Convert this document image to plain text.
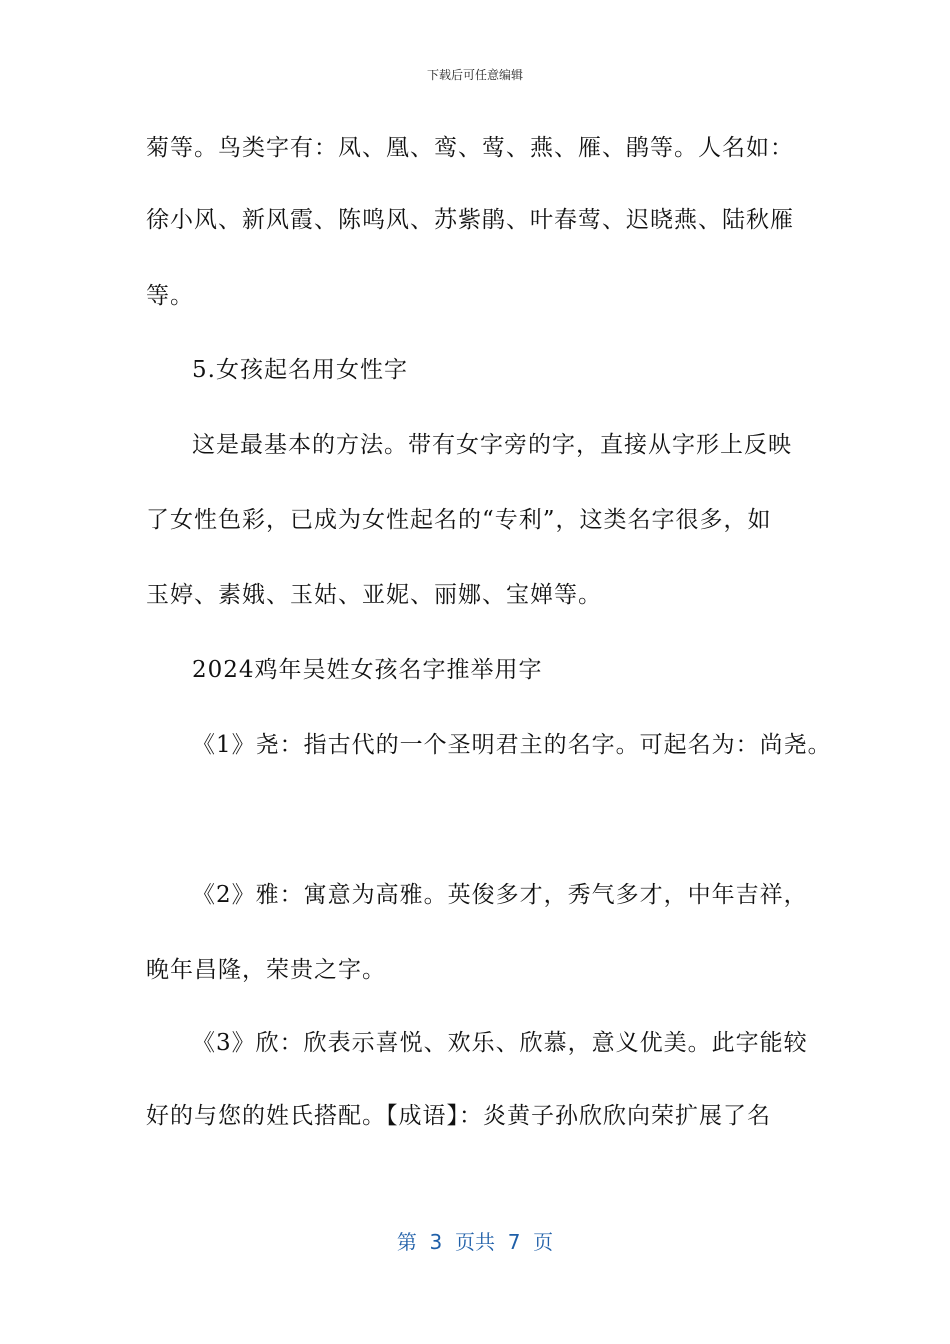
下载后可任意编辑
菊等。鸟类字有：凤、凰、鸾、莺、燕、雁、鹃等。人名如：
徐小风、新风霞、陈鸣风、苏紫鹃、叶春莺、迟晓燕、陆秋雁
等。
5.女孩起名用女性字
这是最基本的方法。带有女字旁的字，直接从字形上反映
了女性色彩，已成为女性起名的“专利”，这类名字很多，如
玉婷、素娥、玉姑、亚妮、丽娜、宝婵等。
2024鸡年吴姓女孩名字推举用字
《1》尧：指古代的一个圣明君主的名字。可起名为：尚尧。
《2》雅：寓意为高雅。英俊多才，秀气多才，中年吉祥，
晚年昌隆，荣贵之字。
《3》欣：欣表示喜悦、欢乐、欣慕，意义优美。此字能较
好的与您的姓氏搭配。【成语】：炎黄子孙欣欣向荣扩展了名
第  3  页共  7  页
